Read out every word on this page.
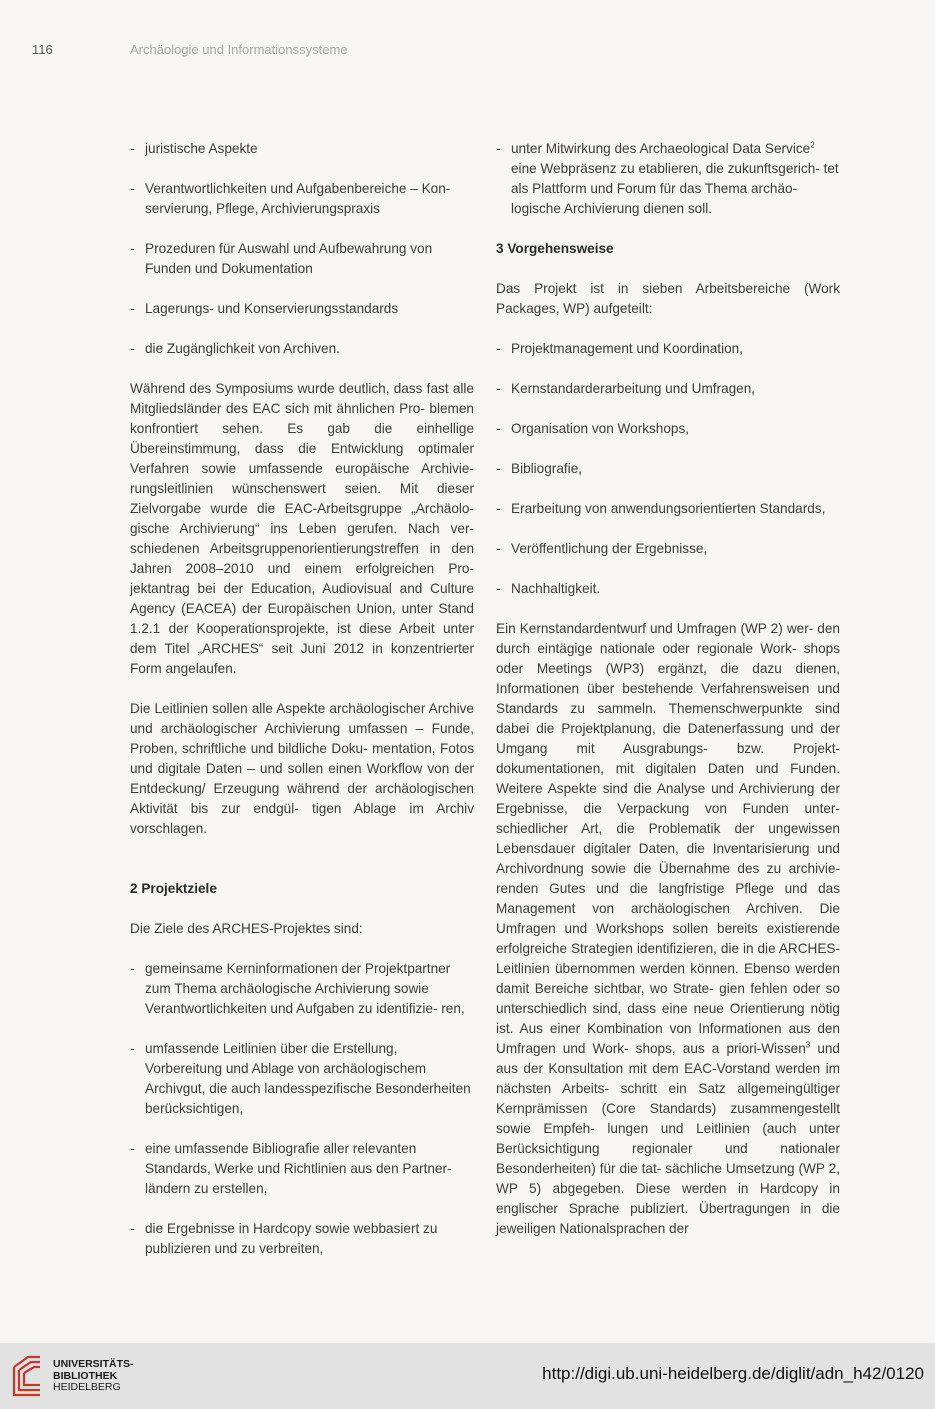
116	Archäologie und Informationssysteme
- juristische Aspekte
- Verantwortlichkeiten und Aufgabenbereiche – Kon- servierung, Pflege, Archivierungspraxis
- Prozeduren für Auswahl und Aufbewahrung von Funden und Dokumentation
- Lagerungs- und Konservierungsstandards
- die Zugänglichkeit von Archiven.

Während des Symposiums wurde deutlich, dass fast alle Mitgliedsländer des EAC sich mit ähnlichen Pro- blemen konfrontiert sehen. Es gab die einhellige Übereinstimmung, dass die Entwicklung optimaler Verfahren sowie umfassende europäische Archivie- rungsleitlinien wünschenswert seien. Mit dieser Zielvorgabe wurde die EAC-Arbeitsgruppe „Archäolo- gische Archivierung“ ins Leben gerufen. Nach ver- schiedenen Arbeitsgruppenorientierungstreffen in den Jahren 2008–2010 und einem erfolgreichen Pro- jektantrag bei der Education, Audiovisual and Culture Agency (EACEA) der Europäischen Union, unter Stand 1.2.1 der Kooperationsprojekte, ist diese Arbeit unter dem Titel „ARCHES“ seit Juni 2012 in konzentrierter Form angelaufen.

Die Leitlinien sollen alle Aspekte archäologischer Archive und archäologischer Archivierung umfassen – Funde, Proben, schriftliche und bildliche Doku- mentation, Fotos und digitale Daten – und sollen einen Workflow von der Entdeckung/ Erzeugung während der archäologischen Aktivität bis zur endgül- tigen Ablage im Archiv vorschlagen.

2 Projektziele

Die Ziele des ARCHES-Projektes sind:

- gemeinsame Kerninformationen der Projektpartner zum Thema archäologische Archivierung sowie Verantwortlichkeiten und Aufgaben zu identifizie- ren,
- umfassende Leitlinien über die Erstellung, Vorbereitung und Ablage von archäologischem Archivgut, die auch landesspezifische Besonderheiten berücksichtigen,
- eine umfassende Bibliografie aller relevanten Standards, Werke und Richtlinien aus den Partner- ländern zu erstellen,
- die Ergebnisse in Hardcopy sowie webbasiert zu publizieren und zu verbreiten,
- unter Mitwirkung des Archaeological Data Service$^2$ eine Webpräsenz zu etablieren, die zukunftsgerich- tet als Plattform und Forum für das Thema archäo- logische Archivierung dienen soll.
3 Vorgehensweise

Das Projekt ist in sieben Arbeitsbereiche (Work Packages, WP) aufgeteilt:

- Projektmanagement und Koordination,
- Kernstandarderarbeitung und Umfragen,
- Organisation von Workshops,
- Bibliografie,
- Erarbeitung von anwendungsorientierten Standards,
- Veröffentlichung der Ergebnisse,
- Nachhaltigkeit.

Ein Kernstandardentwurf und Umfragen (WP 2) wer- den durch eintägige nationale oder regionale Work- shops oder Meetings (WP3) ergänzt, die dazu dienen, Informationen über bestehende Verfahrensweisen und Standards zu sammeln. Themenschwerpunkte sind dabei die Projektplanung, die Datenerfassung und der Umgang mit Ausgrabungs- bzw. Projekt- dokumentationen, mit digitalen Daten und Funden. Weitere Aspekte sind die Analyse und Archivierung der Ergebnisse, die Verpackung von Funden unter- schiedlicher Art, die Problematik der ungewissen Lebensdauer digitaler Daten, die Inventarisierung und Archivordnung sowie die Übernahme des zu archivie- renden Gutes und die langfristige Pflege und das Management von archäologischen Archiven. Die Umfragen und Workshops sollen bereits existierende erfolgreiche Strategien identifizieren, die in die ARCHES-Leitlinien übernommen werden können. Ebenso werden damit Bereiche sichtbar, wo Strate- gien fehlen oder so unterschiedlich sind, dass eine neue Orientierung nötig ist. Aus einer Kombination von Informationen aus den Umfragen und Work- shops, aus a priori-Wissen$^3$ und aus der Konsultation mit dem EAC-Vorstand werden im nächsten Arbeits- schritt ein Satz allgemeingültiger Kernprämissen (Core Standards) zusammengestellt sowie Empfeh- lungen und Leitlinien (auch unter Berücksichtigung regionaler und nationaler Besonderheiten) für die tat- sächliche Umsetzung (WP 2, WP 5) abgegeben. Diese werden in Hardcopy in englischer Sprache publiziert. Übertragungen in die jeweiligen Nationalsprachen der

UNIVERSITÄTS-
BIBLIOTHEK
HEIDELBERG
http://digi.ub.uni-heidelberg.de/diglit/adn_h42/0120
